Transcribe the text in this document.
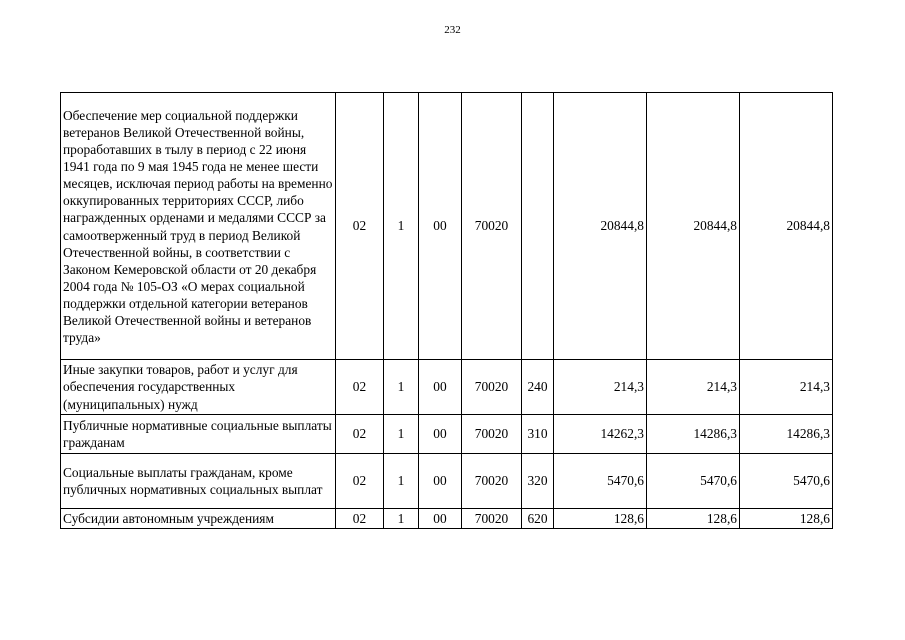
232
Обеспечение мер социальной поддержки ветеранов Великой Отечественной войны, проработавших в тылу в период с 22 июня 1941 года по 9 мая 1945 года не менее шести месяцев, исключая период работы на временно оккупированных территориях СССР, либо награжденных орденами и медалями СССР за самоотверженный труд в период Великой Отечественной войны, в соответствии с Законом Кемеровской области от 20 декабря 2004 года № 105-ОЗ «О мерах социальной поддержки отдельной категории ветеранов Великой Отечественной войны и ветеранов труда»	02	1	00	70020		20844,8	20844,8	20844,8
Иные закупки товаров, работ и услуг для обеспечения государственных (муниципальных) нужд	02	1	00	70020	240	214,3	214,3	214,3
Публичные нормативные социальные выплаты гражданам	02	1	00	70020	310	14262,3	14286,3	14286,3
Социальные выплаты гражданам, кроме публичных нормативных социальных выплат	02	1	00	70020	320	5470,6	5470,6	5470,6
Субсидии автономным учреждениям	02	1	00	70020	620	128,6	128,6	128,6
